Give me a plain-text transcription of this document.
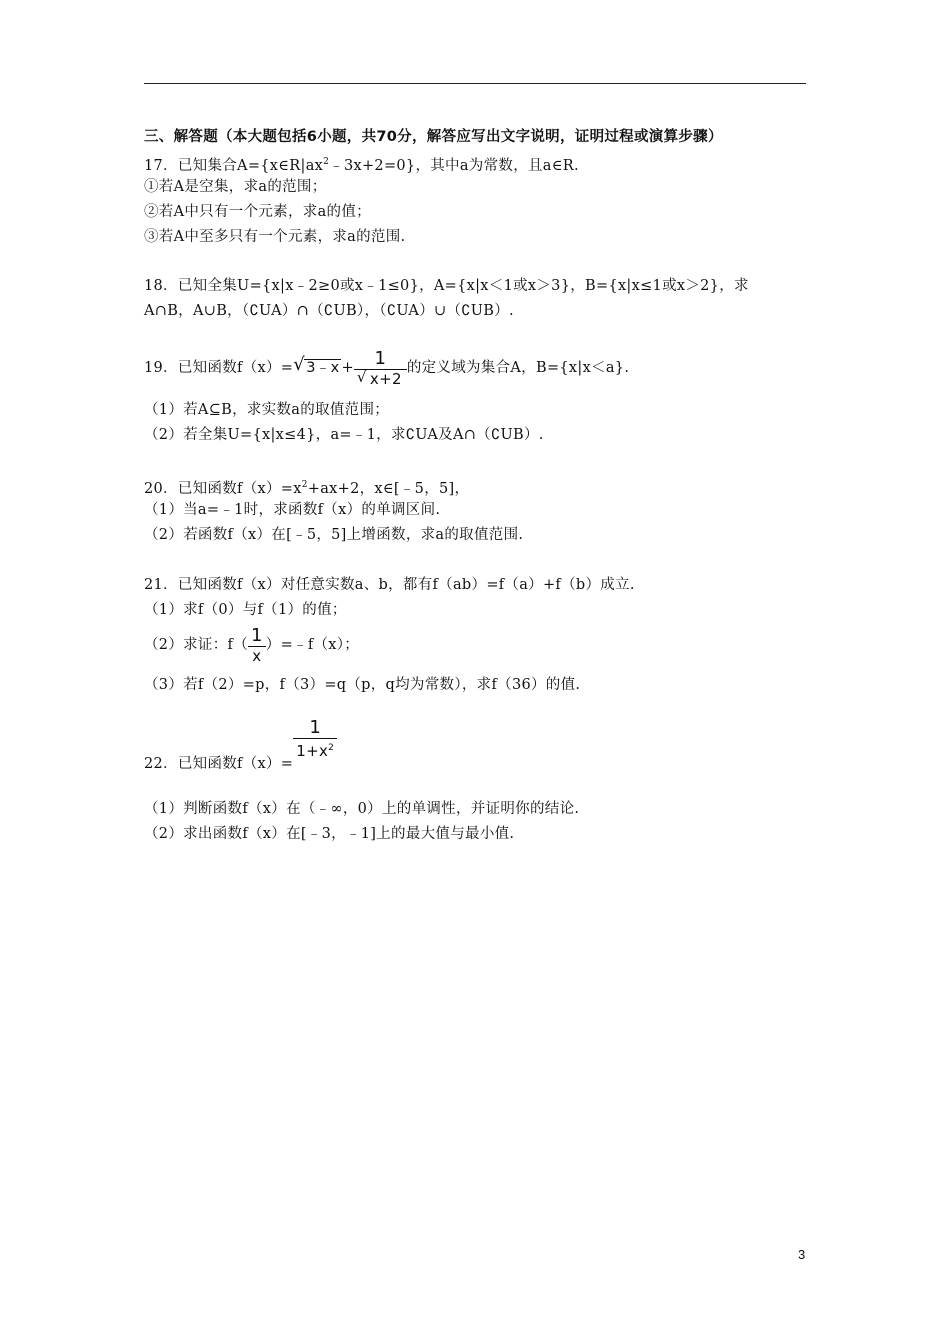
三、解答题（本大题包括6小题，共70分，解答应写出文字说明，证明过程或演算步骤）
17．已知集合$A=\{x\in R|ax^2﹣3x+2=0\}$，其中a为常数，且a∈R.
①若A是空集，求a的范围；
②若A中只有一个元素，求a的值；
③若A中至多只有一个元素，求a的范围.
18．已知全集U={x|x﹣2≥0或x﹣1≤0}，A={x|x＜1或x＞3}，B={x|x≤1或x＞2}，求
A∩B，A∪B，（∁UA）∩（∁UB），（∁UA）∪（∁UB）.
19．已知函数f（x）= √ 3﹣x + $\frac{1}{√ x+2}$ 的定义域为集合A，B={x|x＜a}.
（1）若A⊆B，求实数a的取值范围；
（2）若全集U={x|x≤4}，a=﹣1，求∁UA及A∩（∁UB）.
20．已知函数$f(x)=x^2+ax+2$，x∈[﹣5，5]，
（1）当a=﹣1时，求函数f（x）的单调区间.
（2）若函数f（x）在[﹣5，5]上增函数，求a的取值范围.
21．已知函数f（x）对任意实数a、b，都有f（ab）=f（a）+f（b）成立.
（1）求f（0）与f（1）的值；
（2）求证：$f( \frac{1}{x}$ ）=﹣f（x）；
（3）若f（2）=p，f（3）=q（p，q均为常数），求f（36）的值.
22．已知函数f（x）=
$\frac{1}{1+x^2}$
（1）判断函数f（x）在（﹣∞，0）上的单调性，并证明你的结论.
（2）求出函数f（x）在[﹣3，﹣1]上的最大值与最小值.
3
